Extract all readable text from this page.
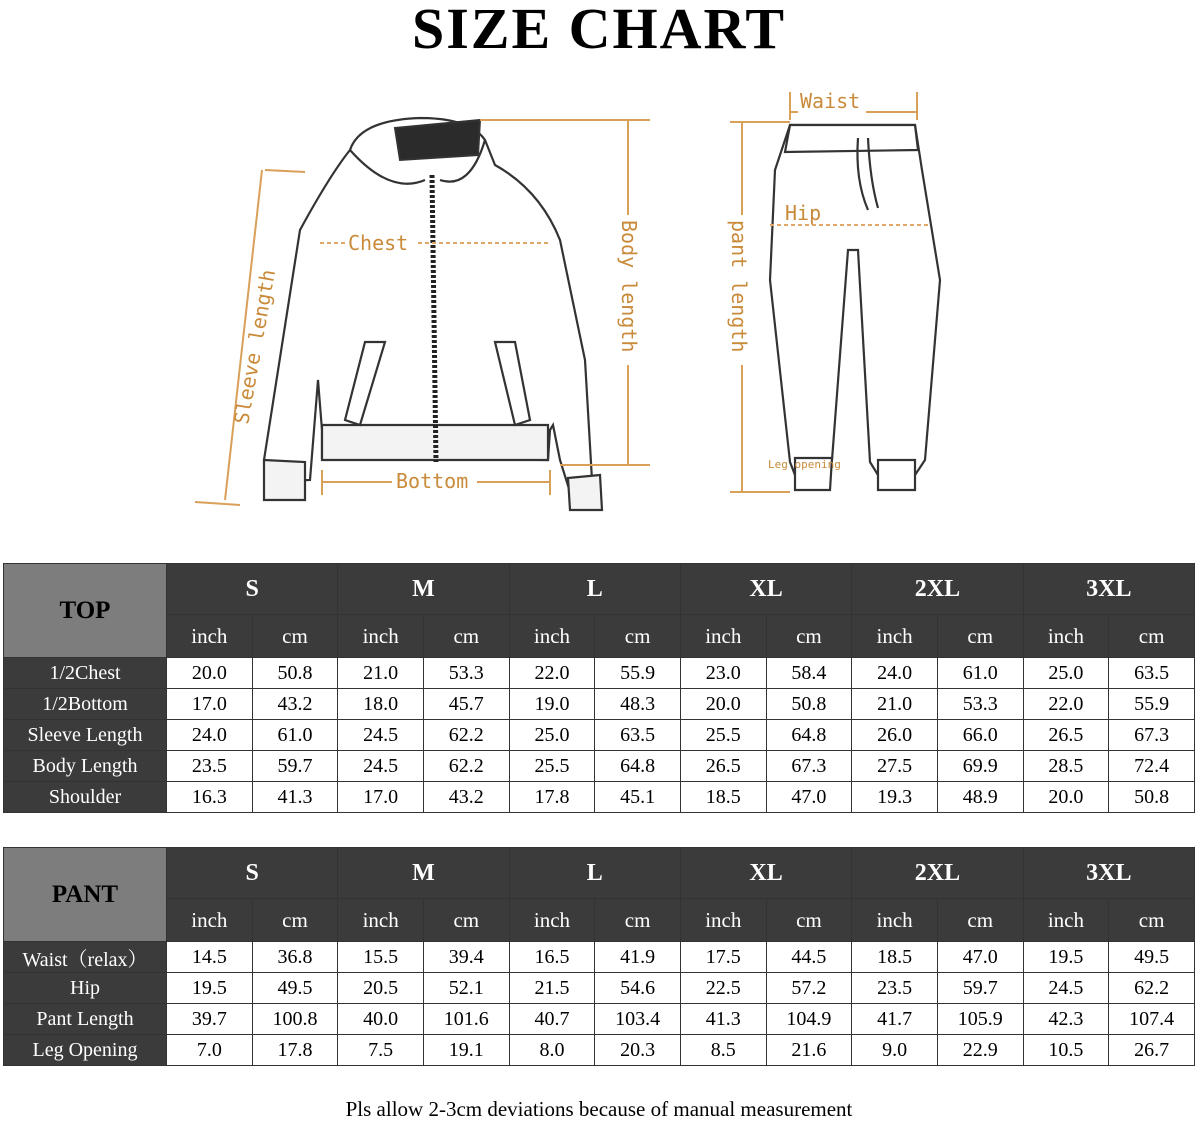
SIZE CHART
Sleeve length
Chest
Bottom
Body length
Waist
Hip
pant length
Leg opening
TOP	S		M		L		XL		2XL		3XL	
	inch	cm	inch	cm	inch	cm	inch	cm	inch	cm	inch	cm
1/2Chest	20.0	50.8	21.0	53.3	22.0	55.9	23.0	58.4	24.0	61.0	25.0	63.5
1/2Bottom	17.0	43.2	18.0	45.7	19.0	48.3	20.0	50.8	21.0	53.3	22.0	55.9
Sleeve Length	24.0	61.0	24.5	62.2	25.0	63.5	25.5	64.8	26.0	66.0	26.5	67.3
Body Length	23.5	59.7	24.5	62.2	25.5	64.8	26.5	67.3	27.5	69.9	28.5	72.4
Shoulder	16.3	41.3	17.0	43.2	17.8	45.1	18.5	47.0	19.3	48.9	20.0	50.8
PANT	S		M		L		XL		2XL		3XL	
	inch	cm	inch	cm	inch	cm	inch	cm	inch	cm	inch	cm
Waist（relax）	14.5	36.8	15.5	39.4	16.5	41.9	17.5	44.5	18.5	47.0	19.5	49.5
Hip	19.5	49.5	20.5	52.1	21.5	54.6	22.5	57.2	23.5	59.7	24.5	62.2
Pant Length	39.7	100.8	40.0	101.6	40.7	103.4	41.3	104.9	41.7	105.9	42.3	107.4
Leg Opening	7.0	17.8	7.5	19.1	8.0	20.3	8.5	21.6	9.0	22.9	10.5	26.7
Pls allow 2-3cm deviations because of manual measurement
